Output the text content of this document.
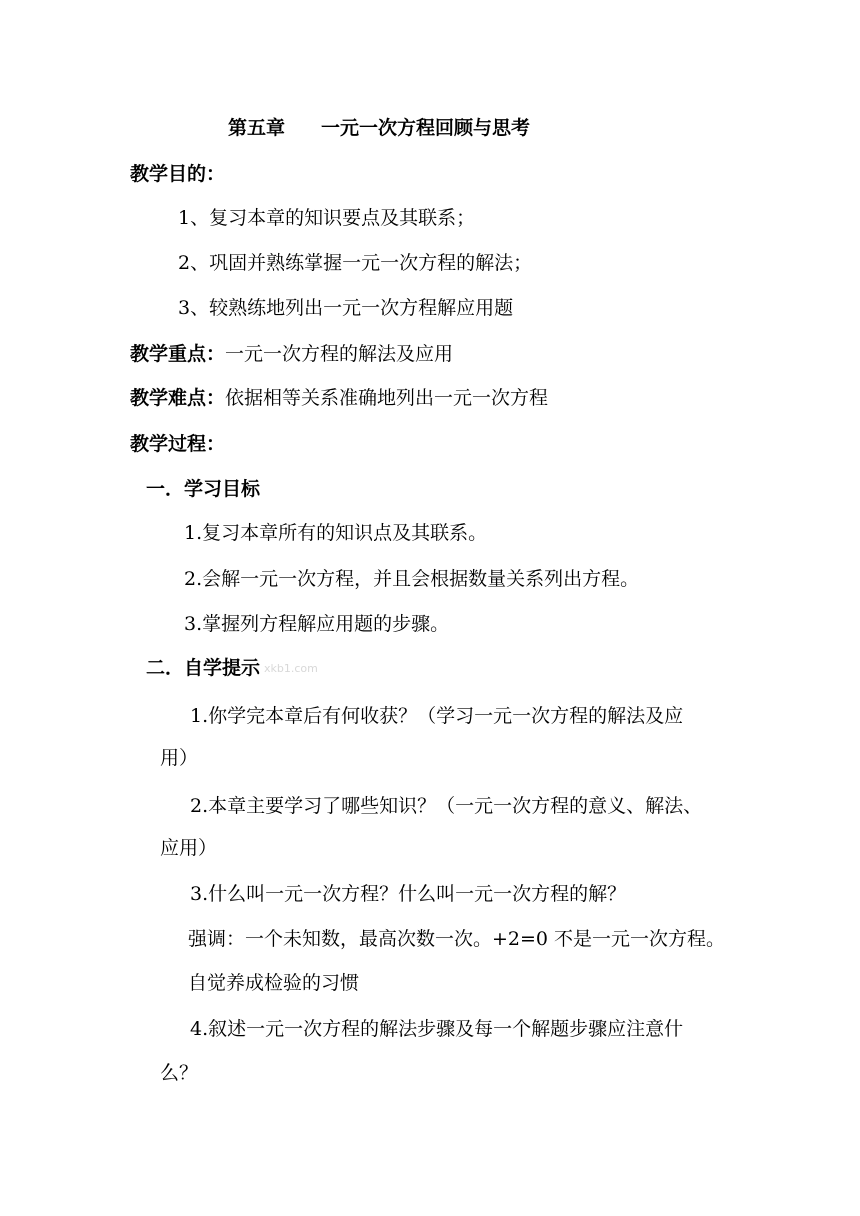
第五章 一元一次方程回顾与思考
教学目的：
1、复习本章的知识要点及其联系；
2、巩固并熟练掌握一元一次方程的解法；
3、较熟练地列出一元一次方程解应用题
教学重点：一元一次方程的解法及应用
教学难点：依据相等关系准确地列出一元一次方程
教学过程：
一．学习目标
1.复习本章所有的知识点及其联系。
2.会解一元一次方程，并且会根据数量关系列出方程。
3.掌握列方程解应用题的步骤。
二．自学提示 xkb1.com
1.你学完本章后有何收获？（学习一元一次方程的解法及应
用）
2.本章主要学习了哪些知识？（一元一次方程的意义、解法、
应用）
3.什么叫一元一次方程？什么叫一元一次方程的解？
强调：一个未知数，最高次数一次。+2=0 不是一元一次方程。
自觉养成检验的习惯
4.叙述一元一次方程的解法步骤及每一个解题步骤应注意什
么？
